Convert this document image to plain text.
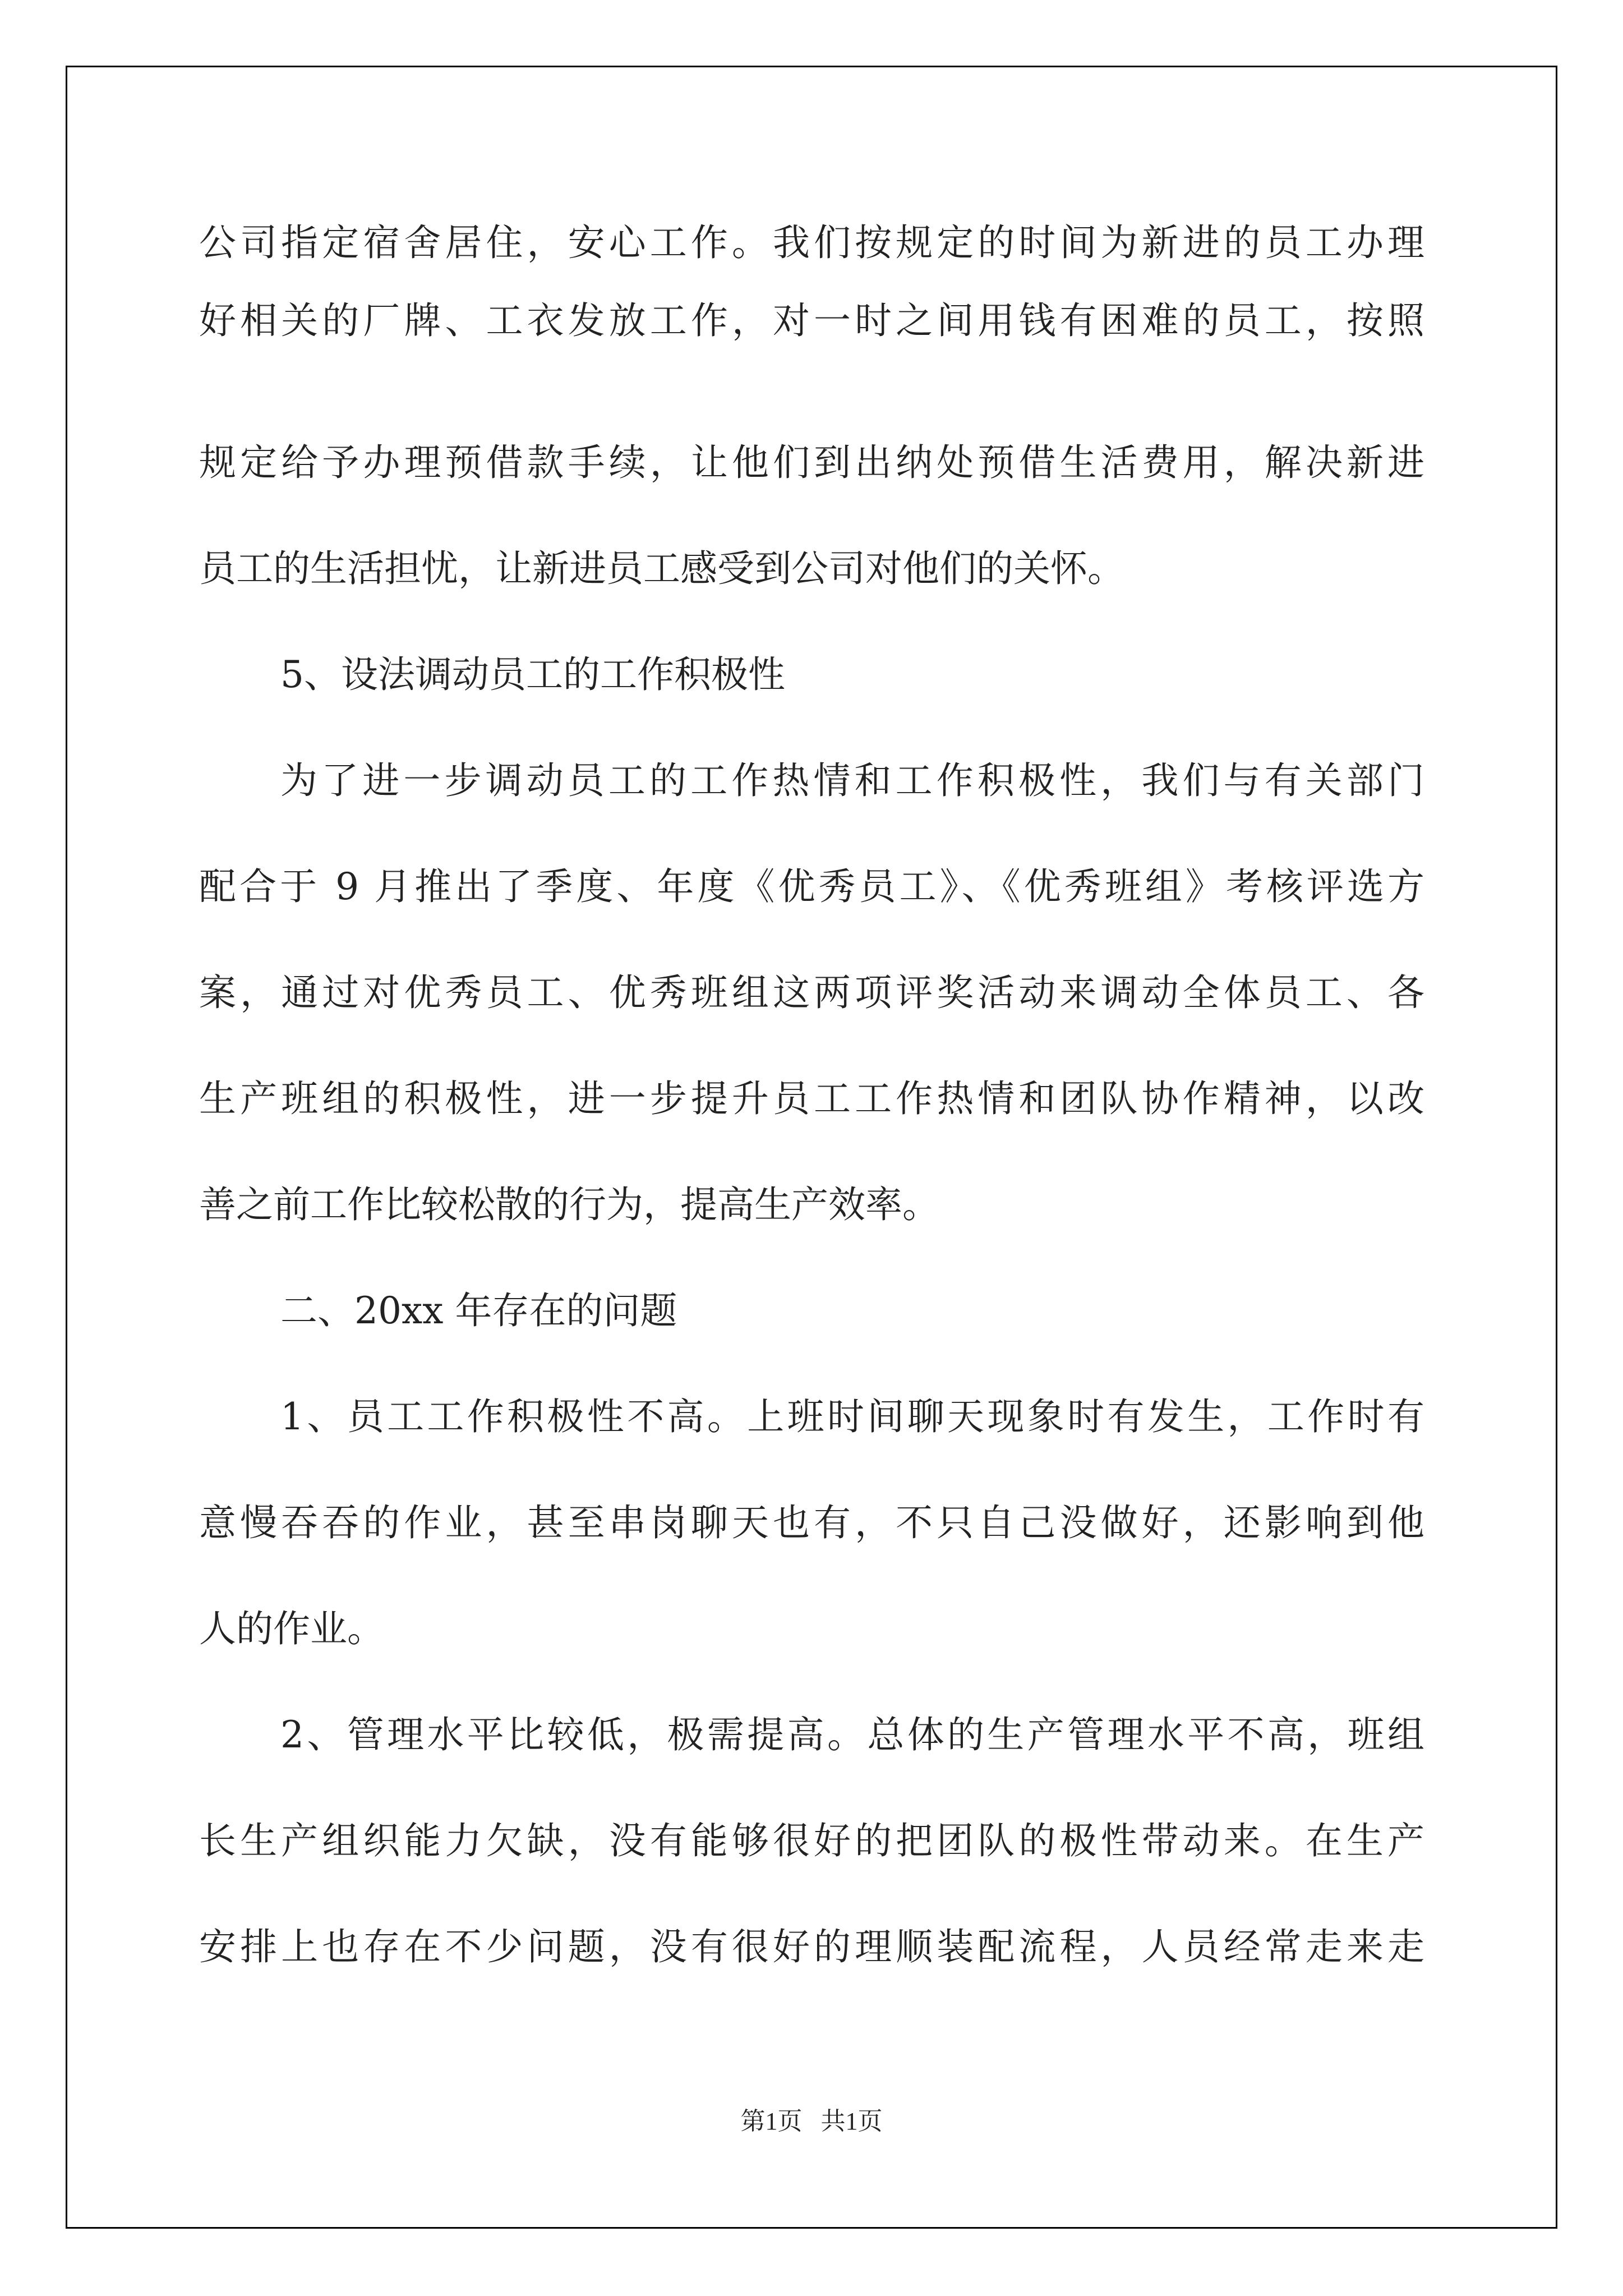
公司指定宿舍居住，安心工作。我们按规定的时间为新进的员工办理
好相关的厂牌、工衣发放工作，对一时之间用钱有困难的员工，按照
规定给予办理预借款手续，让他们到出纳处预借生活费用，解决新进
员工的生活担忧，让新进员工感受到公司对他们的关怀。
5、设法调动员工的工作积极性
为了进一步调动员工的工作热情和工作积极性，我们与有关部门
配合于 9 月推出了季度、年度《优秀员工》、《优秀班组》考核评选方
案，通过对优秀员工、优秀班组这两项评奖活动来调动全体员工、各
生产班组的积极性，进一步提升员工工作热情和团队协作精神，以改
善之前工作比较松散的行为，提高生产效率。
二、20xx 年存在的问题
1、员工工作积极性不高。上班时间聊天现象时有发生，工作时有
意慢吞吞的作业，甚至串岗聊天也有，不只自己没做好，还影响到他
人的作业。
2、管理水平比较低，极需提高。总体的生产管理水平不高，班组
长生产组织能力欠缺，没有能够很好的把团队的极性带动来。在生产
安排上也存在不少问题，没有很好的理顺装配流程，人员经常走来走
第1页   共1页
